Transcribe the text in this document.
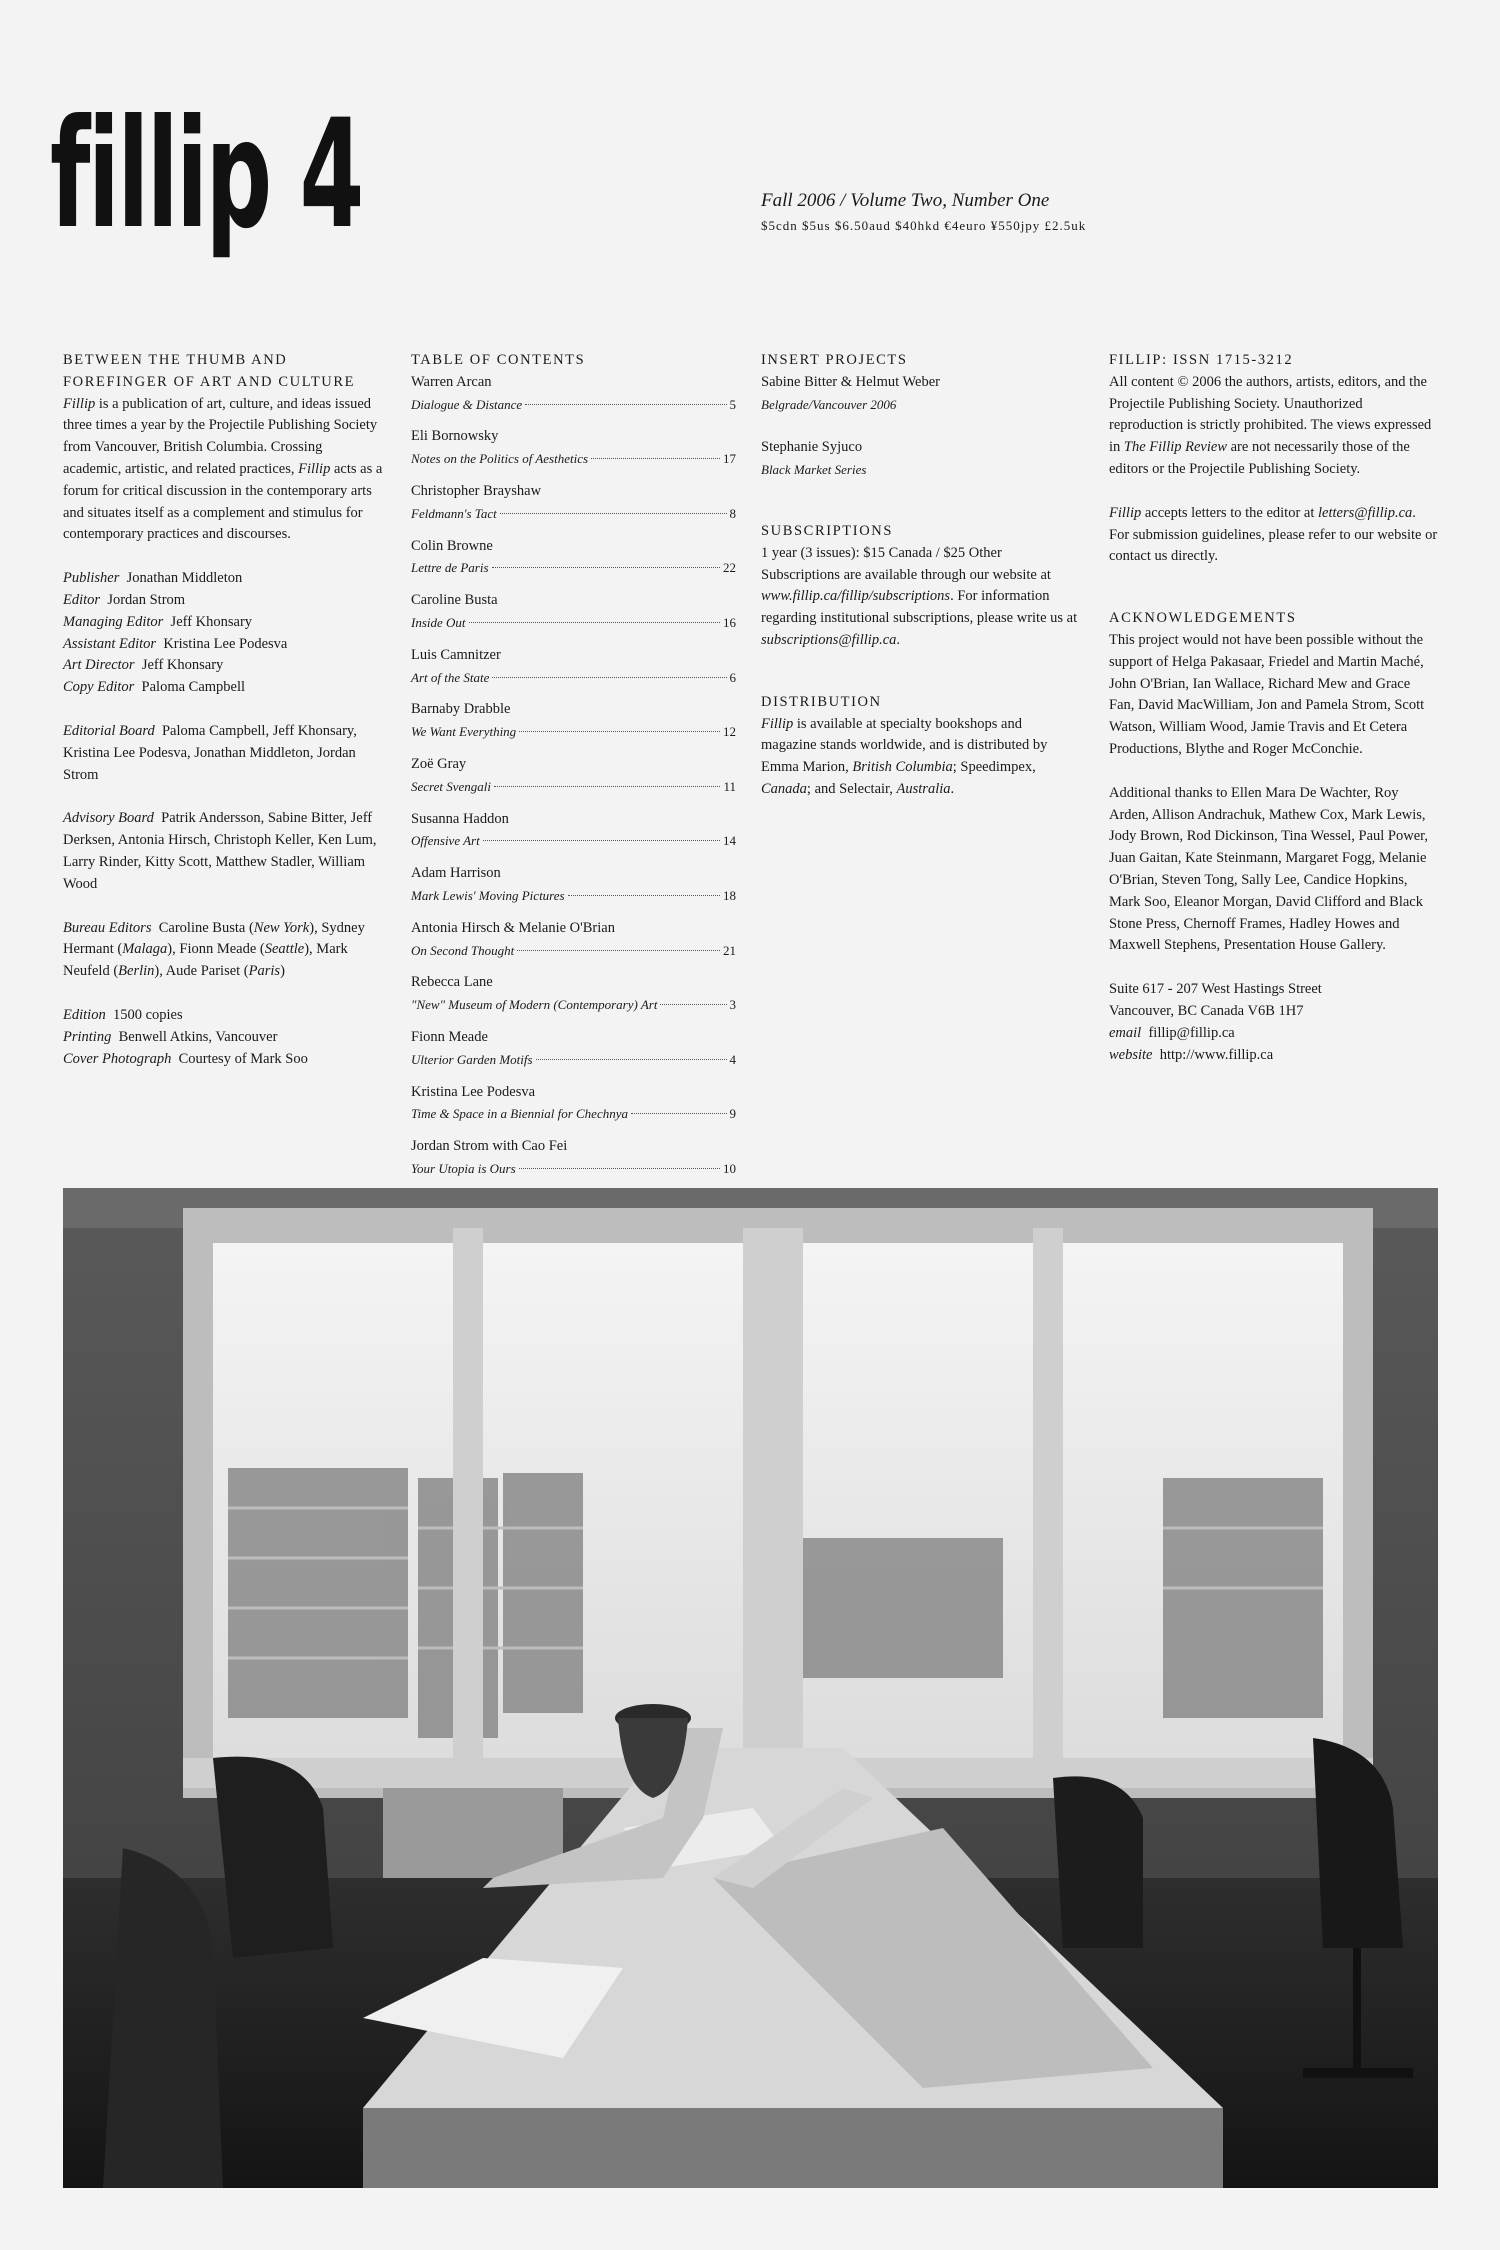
fillip 4	Fall 2006 / Volume Two, Number One
$5cdn $5us $6.50aud $40hkd €4euro ¥550jpy £2.5uk
BETWEEN THE THUMB AND
FOREFINGER OF ART AND CULTURE

Fillip is a publication of art, culture, and ideas issued three times a year by the Projectile Publishing Society from Vancouver, British Columbia. Crossing academic, artistic, and related practices, Fillip acts as a forum for critical discussion in the contemporary arts and situates itself as a complement and stimulus for contemporary practices and discourses.

Publisher Jonathan Middleton
Editor Jordan Strom
Managing Editor Jeff Khonsary
Assistant Editor Kristina Lee Podesva
Art Director Jeff Khonsary
Copy Editor Paloma Campbell

Editorial Board Paloma Campbell, Jeff Khonsary, Kristina Lee Podesva, Jonathan Middleton, Jordan Strom

Advisory Board Patrik Andersson, Sabine Bitter, Jeff Derksen, Antonia Hirsch, Christoph Keller, Ken Lum, Larry Rinder, Kitty Scott, Matthew Stadler, William Wood

Bureau Editors Caroline Busta (New York), Sydney Hermant (Malaga), Fionn Meade (Seattle), Mark Neufeld (Berlin), Aude Pariset (Paris)

Edition 1500 copies
Printing Benwell Atkins, Vancouver
Cover Photograph Courtesy of Mark Soo
TABLE OF CONTENTS
Warren Arcan
Dialogue & Distance	5
Eli Bornowsky
Notes on the Politics of Aesthetics	17
Christopher Brayshaw
Feldmann's Tact	8
Colin Browne
Lettre de Paris	22
Caroline Busta
Inside Out	16
Luis Camnitzer
Art of the State	6
Barnaby Drabble
We Want Everything	12
Zoë Gray
Secret Svengali	11
Susanna Haddon
Offensive Art	14
Adam Harrison
Mark Lewis' Moving Pictures	18
Antonia Hirsch & Melanie O'Brian
On Second Thought	21
Rebecca Lane
"New" Museum of Modern (Contemporary) Art	3
Fionn Meade
Ulterior Garden Motifs	4
Kristina Lee Podesva
Time & Space in a Biennial for Chechnya	9
Jordan Strom with Cao Fei
Your Utopia is Ours	10
INSERT PROJECTS
Sabine Bitter & Helmut Weber
Belgrade/Vancouver 2006
Stephanie Syjuco
Black Market Series
SUBSCRIPTIONS

1 year (3 issues): $15 Canada / $25 Other Subscriptions are available through our website at www.fillip.ca/fillip/subscriptions. For information regarding institutional subscriptions, please write us at subscriptions@fillip.ca.

DISTRIBUTION

Fillip is available at specialty bookshops and magazine stands worldwide, and is distributed by Emma Marion, British Columbia; Speedimpex, Canada; and Selectair, Australia.

FILLIP: ISSN 1715-3212

All content © 2006 the authors, artists, editors, and the Projectile Publishing Society. Unauthorized reproduction is strictly prohibited. The views expressed in The Fillip Review are not necessarily those of the editors or the Projectile Publishing Society.

Fillip accepts letters to the editor at letters@fillip.ca. For submission guidelines, please refer to our website or contact us directly.

ACKNOWLEDGEMENTS

This project would not have been possible without the support of Helga Pakasaar, Friedel and Martin Maché, John O'Brian, Ian Wallace, Richard Mew and Grace Fan, David MacWilliam, Jon and Pamela Strom, Scott Watson, William Wood, Jamie Travis and Et Cetera Productions, Blythe and Roger McConchie.

Additional thanks to Ellen Mara De Wachter, Roy Arden, Allison Andrachuk, Mathew Cox, Mark Lewis, Jody Brown, Rod Dickinson, Tina Wessel, Paul Power, Juan Gaitan, Kate Steinmann, Margaret Fogg, Melanie O'Brian, Steven Tong, Sally Lee, Candice Hopkins, Mark Soo, Eleanor Morgan, David Clifford and Black Stone Press, Chernoff Frames, Hadley Howes and Maxwell Stephens, Presentation House Gallery.

Suite 617 - 207 West Hastings Street
Vancouver, BC Canada V6B 1H7
email fillip@fillip.ca
website http://www.fillip.ca
